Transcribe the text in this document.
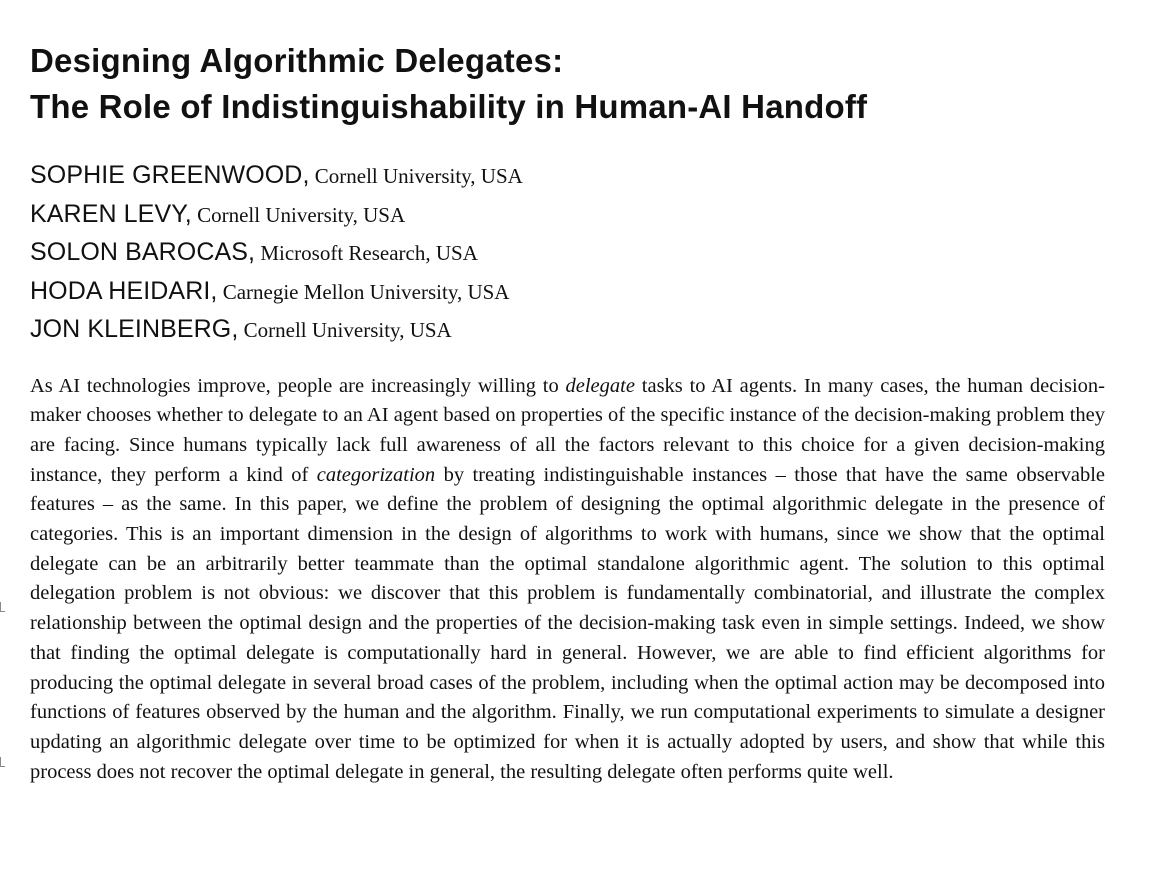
Designing Algorithmic Delegates:
The Role of Indistinguishability in Human-AI Handoff
SOPHIE GREENWOOD, Cornell University, USA
KAREN LEVY, Cornell University, USA
SOLON BAROCAS, Microsoft Research, USA
HODA HEIDARI, Carnegie Mellon University, USA
JON KLEINBERG, Cornell University, USA

As AI technologies improve, people are increasingly willing to delegate tasks to AI agents. In many cases, the human decision-maker chooses whether to delegate to an AI agent based on properties of the specific instance of the decision-making problem they are facing. Since humans typically lack full awareness of all the factors relevant to this choice for a given decision-making instance, they perform a kind of categorization by treating indistinguishable instances – those that have the same observable features – as the same. In this paper, we define the problem of designing the optimal algorithmic delegate in the presence of categories. This is an important dimension in the design of algorithms to work with humans, since we show that the optimal delegate can be an arbitrarily better teammate than the optimal standalone algorithmic agent. The solution to this optimal delegation problem is not obvious: we discover that this problem is fundamentally combinatorial, and illustrate the complex relationship between the optimal design and the properties of the decision-making task even in simple settings. Indeed, we show that finding the optimal delegate is computationally hard in general. However, we are able to find efficient algorithms for producing the optimal delegate in several broad cases of the problem, including when the optimal action may be decomposed into functions of features observed by the human and the algorithm. Finally, we run computational experiments to simulate a designer updating an algorithmic delegate over time to be optimized for when it is actually adopted by users, and show that while this process does not recover the optimal delegate in general, the resulting delegate often performs quite well.
